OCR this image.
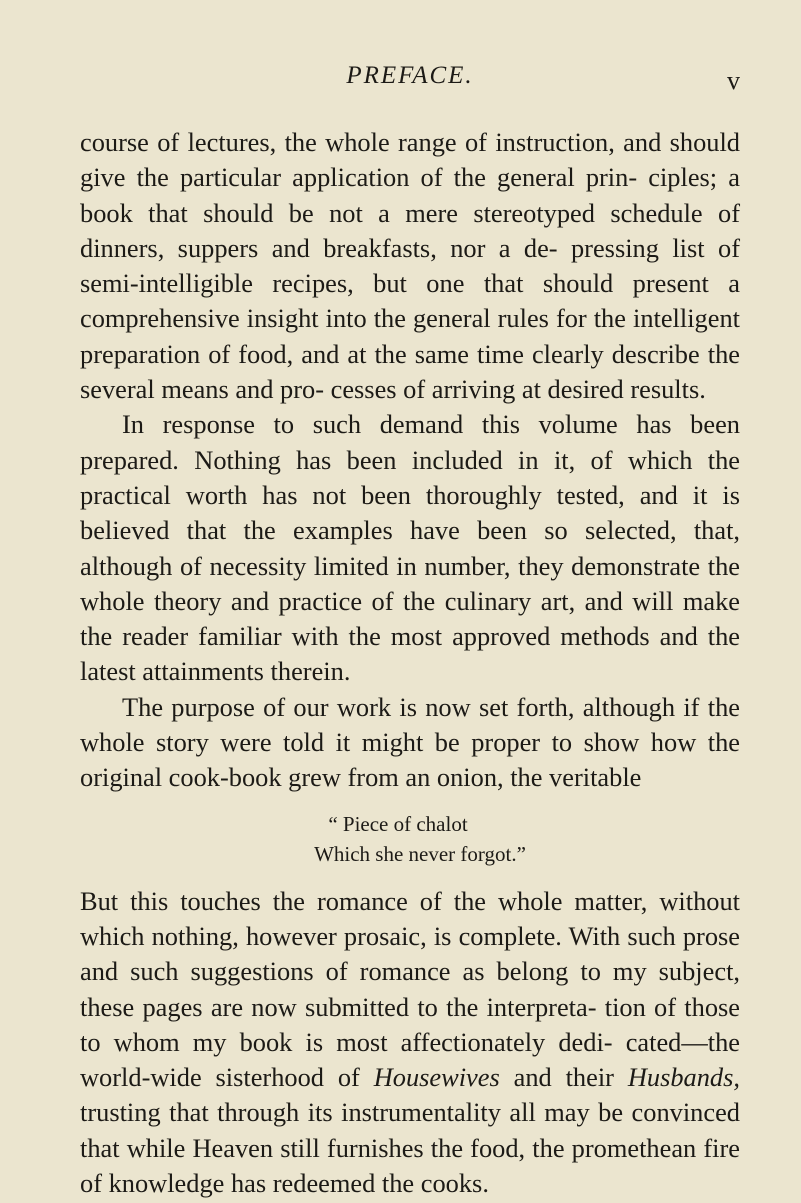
PREFACE.	v

course of lectures, the whole range of instruction, and should give the particular application of the general prin- ciples; a book that should be not a mere stereotyped schedule of dinners, suppers and breakfasts, nor a de- pressing list of semi-intelligible recipes, but one that should present a comprehensive insight into the general rules for the intelligent preparation of food, and at the same time clearly describe the several means and pro- cesses of arriving at desired results.

In response to such demand this volume has been prepared. Nothing has been included in it, of which the practical worth has not been thoroughly tested, and it is believed that the examples have been so selected, that, although of necessity limited in number, they demonstrate the whole theory and practice of the culinary art, and will make the reader familiar with the most approved methods and the latest attainments therein.

The purpose of our work is now set forth, although if the whole story were told it might be proper to show how the original cook-book grew from an onion, the veritable

“ Piece of chalot
Which she never forgot.”

But this touches the romance of the whole matter, without which nothing, however prosaic, is complete. With such prose and such suggestions of romance as belong to my subject, these pages are now submitted to the interpreta- tion of those to whom my book is most affectionately dedi- cated—the world-wide sisterhood of Housewives and their Husbands, trusting that through its instrumentality all may be convinced that while Heaven still furnishes the food, the promethean fire of knowledge has redeemed the cooks.
